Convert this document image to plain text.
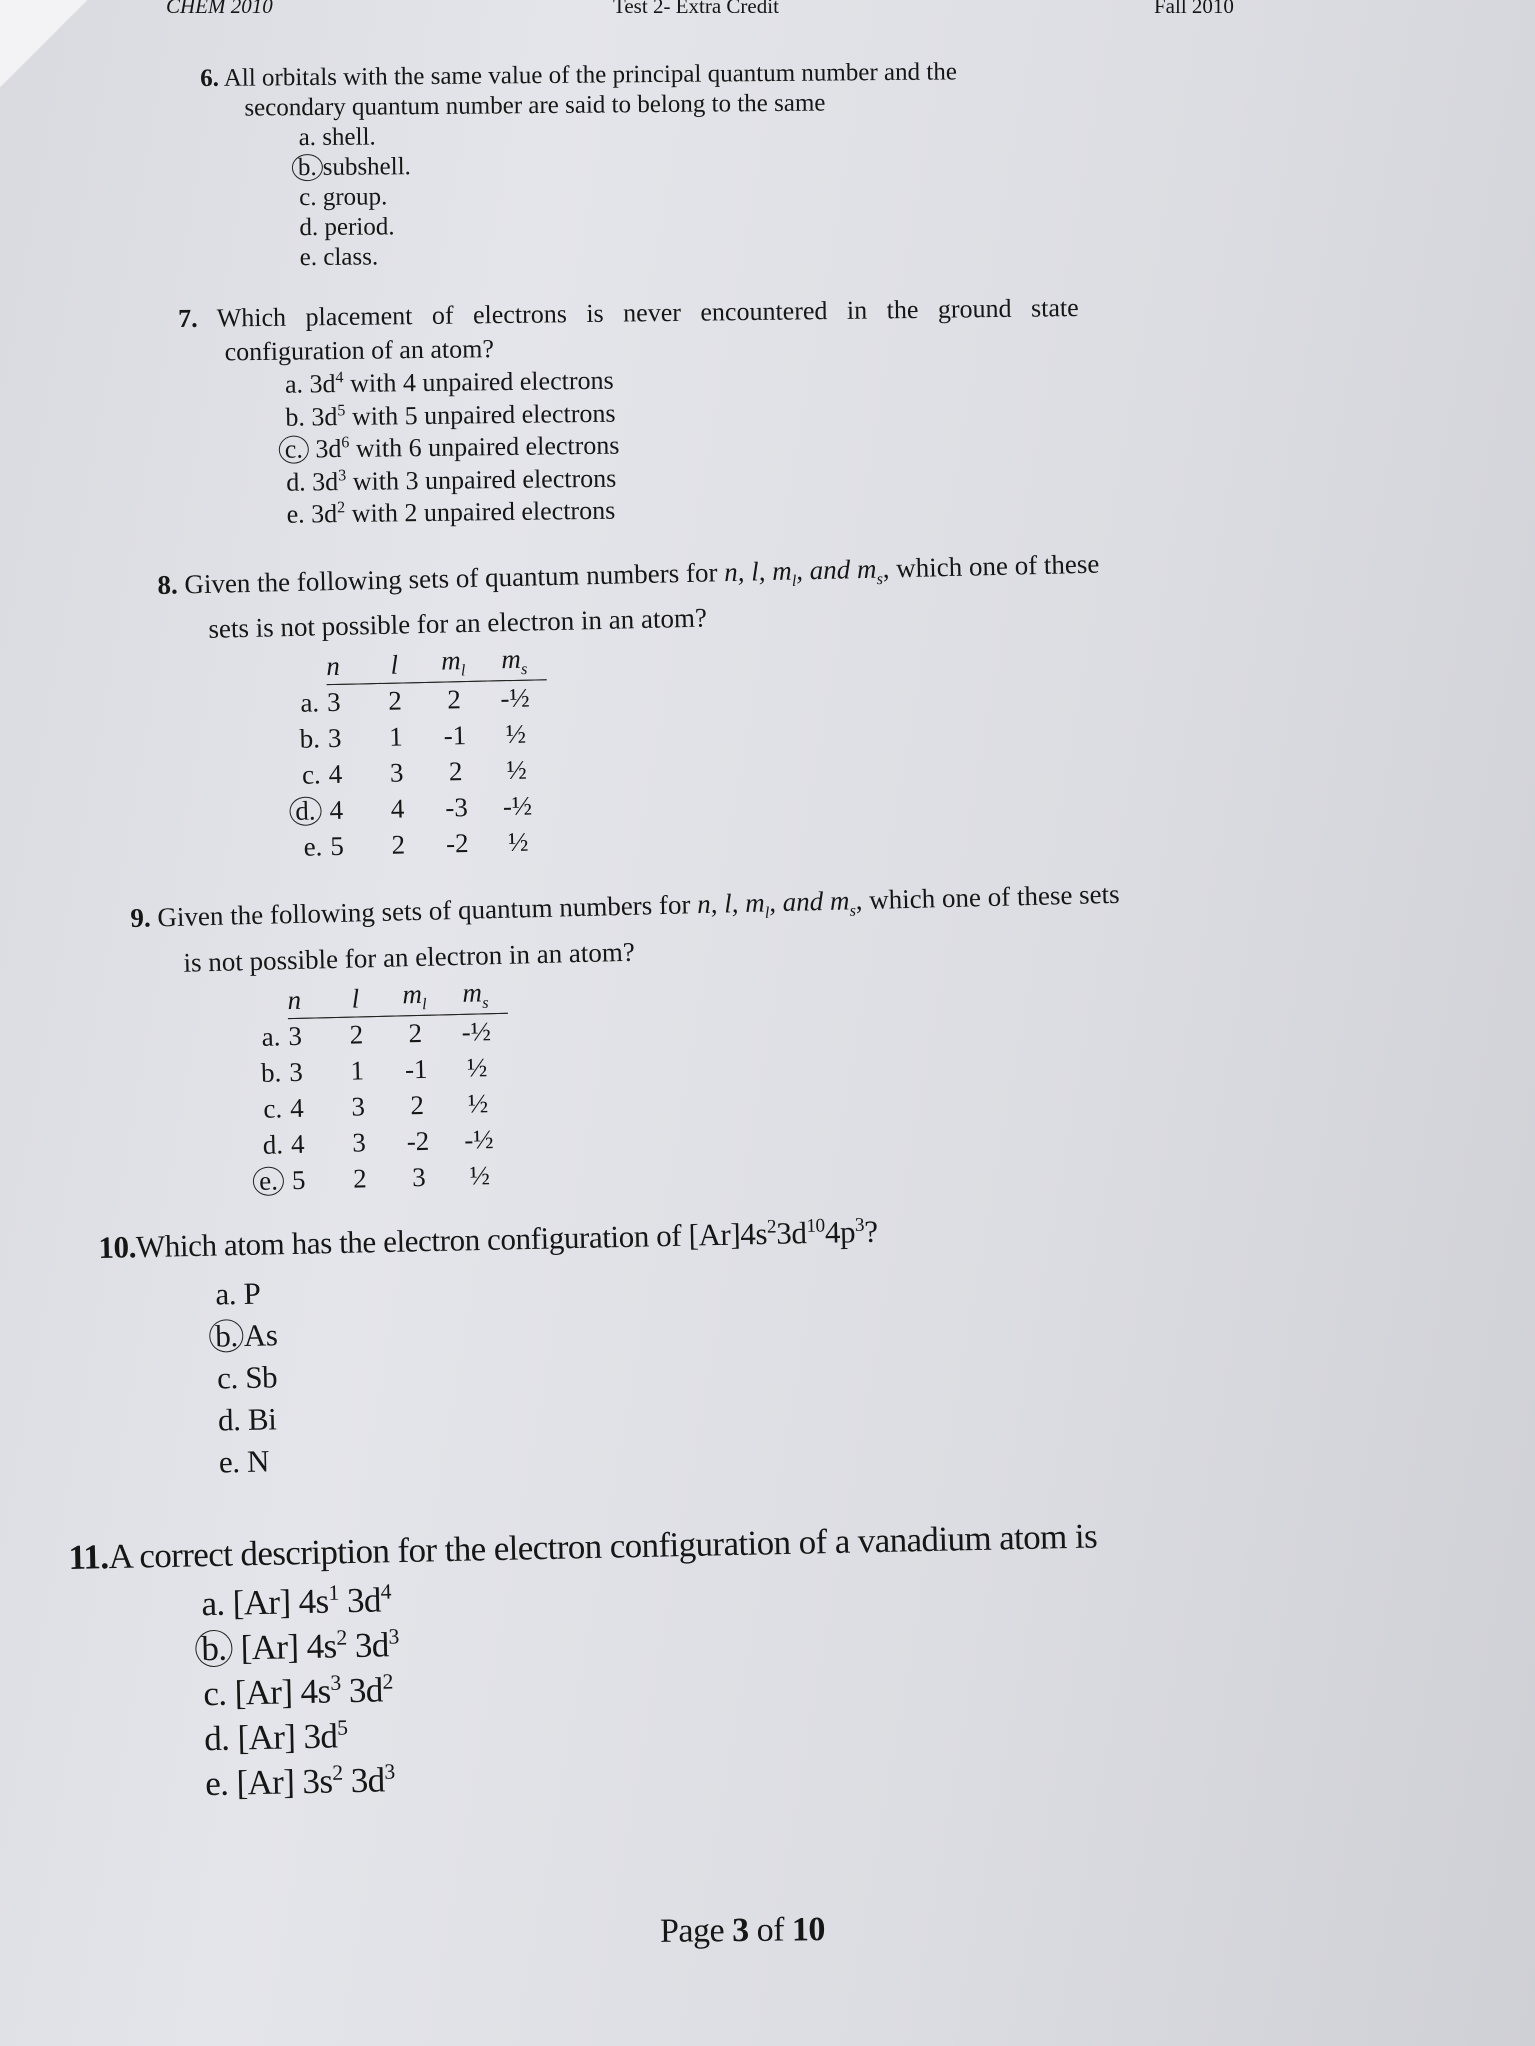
CHEM 2010	Test 2- Extra Credit	Fall 2010
6. All orbitals with the same value of the principal quantum number and the
secondary quantum number are said to belong to the same
a. shell.
b. subshell.
c. group.
d. period.
e. class.
7. Which placement of electrons is never encountered in the ground state
configuration of an atom?
a. $3d^4$ with 4 unpaired electrons
b. $3d^5$ with 5 unpaired electrons
c. $3d^6$ with 6 unpaired electrons
d. $3d^3$ with 3 unpaired electrons
e. $3d^2$ with 2 unpaired electrons
8. Given the following sets of quantum numbers for n, l, $m_l$, and $m_s$, which one of these
sets is not possible for an electron in an atom?
	n	l	$m_l$	$m_s$
a.	3	2	2	-½
b.	3	1	-1	½
c.	4	3	2	½
d.	4	4	-3	-½
e.	5	2	-2	½
9. Given the following sets of quantum numbers for n, l, $m_l$, and $m_s$, which one of these sets
is not possible for an electron in an atom?
	n	l	$m_l$	$m_s$
a.	3	2	2	-½
b.	3	1	-1	½
c.	4	3	2	½
d.	4	3	-2	-½
e.	5	2	3	½
10.Which atom has the electron configuration of $[Ar]4s^23d^{10}4p^3$?
a. P
b. As
c. Sb
d. Bi
e. N
11.A correct description for the electron configuration of a vanadium atom is
a. [Ar] $4s^1$ $3d^4$
b. [Ar] $4s^2$ $3d^3$
c. [Ar] $4s^3$ $3d^2$
d. [Ar] $3d^5$
e. [Ar] $3s^2$ $3d^3$
Page 3 of 10
